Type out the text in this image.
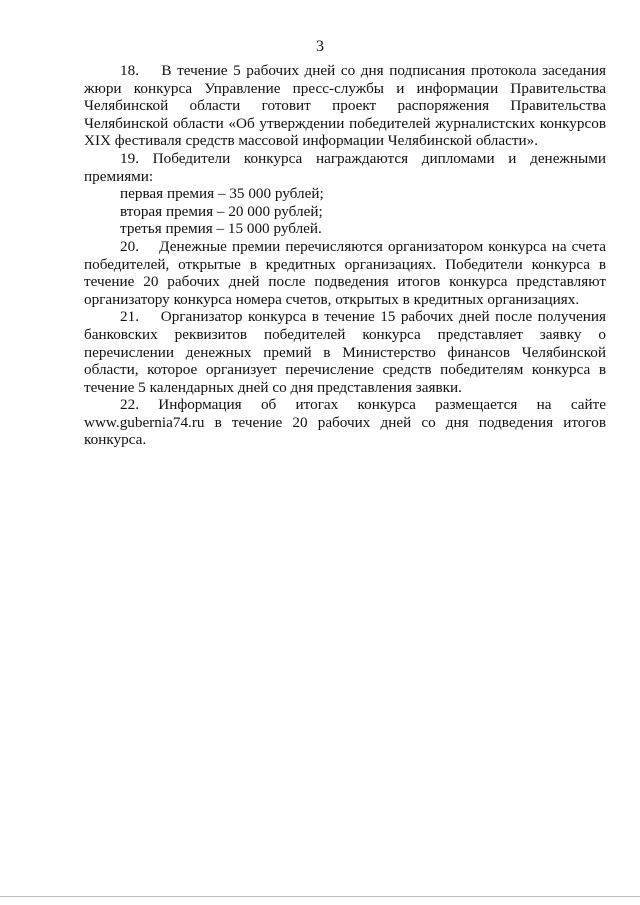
3

18.    В течение 5 рабочих дней со дня подписания протокола заседания жюри конкурса Управление пресс-службы и информации Правительства Челябинской области готовит проект распоряжения Правительства Челябинской области «Об утверждении победителей журналистских конкурсов XIX фестиваля средств массовой информации Челябинской области».

19. Победители конкурса награждаются дипломами и денежными премиями:

первая премия – 35 000 рублей;

вторая премия – 20 000 рублей;

третья премия – 15 000 рублей.

20.    Денежные премии перечисляются организатором конкурса на счета победителей, открытые в кредитных организациях. Победители конкурса в течение 20 рабочих дней после подведения итогов конкурса представляют организатору конкурса номера счетов, открытых в кредитных организациях.

21.    Организатор конкурса в течение 15 рабочих дней после получения банковских реквизитов победителей конкурса представляет заявку о перечислении денежных премий в Министерство финансов Челябинской области, которое организует перечисление средств победителям конкурса в течение 5 календарных дней со дня представления заявки.

22. Информация об итогах конкурса размещается на сайте www.gubernia74.ru в течение 20 рабочих дней со дня подведения итогов конкурса.
